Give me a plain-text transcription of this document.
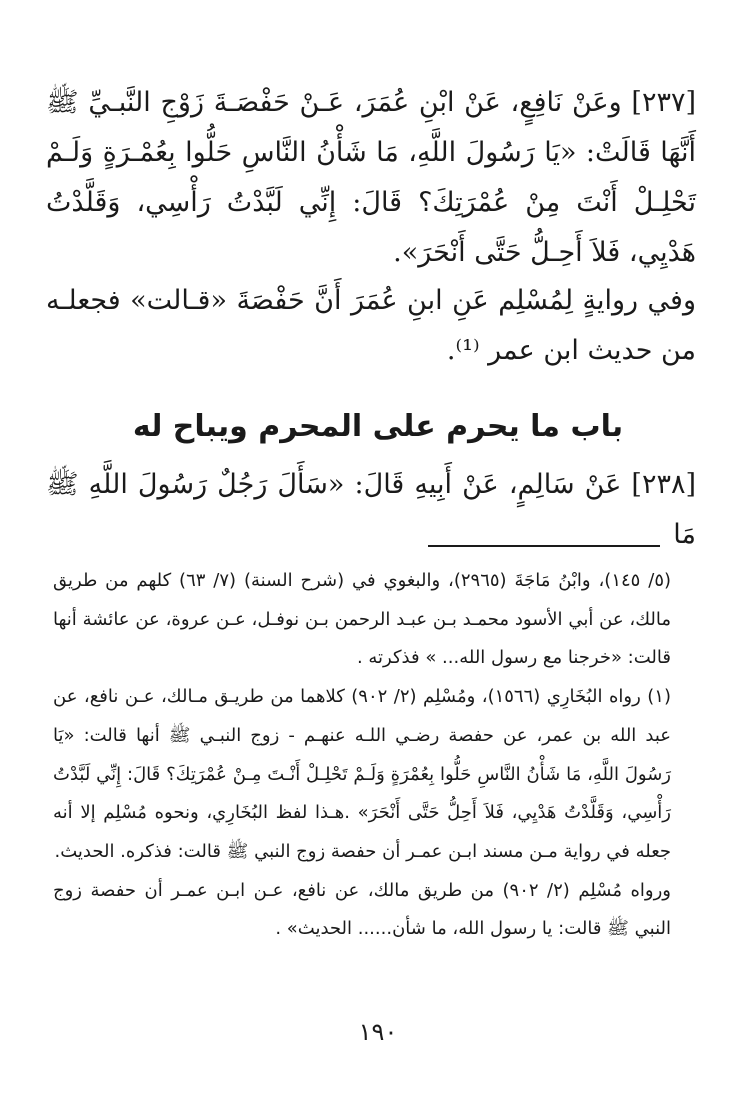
[٢٣٧] وعَنْ نَافِعٍ، عَنْ ابْنِ عُمَرَ، عَـنْ حَفْصَـةَ زَوْجِ النَّبـيِّ ﷺ أَنَّهَا قَالَتْ: «يَا رَسُولَ اللَّهِ، مَا شَأْنُ النَّاسِ حَلُّوا بِعُمْـرَةٍ وَلَـمْ تَحْلِـلْ أَنْتَ مِنْ عُمْرَتِكَ؟ قَالَ: إِنِّي لَبَّدْتُ رَأْسِي، وَقَلَّدْتُ هَدْيِي، فَلاَ أَحِـلُّ حَتَّى أَنْحَرَ».

وفي روايةٍ لِمُسْلِم عَنِ ابنِ عُمَرَ أَنَّ حَفْصَةَ «قـالت» فجعلـه من حديث ابن عمر ⁽¹⁾.

باب ما يحرم على المحرم ويباح له

[٢٣٨] عَنْ سَالِمٍ، عَنْ أَبِيهِ قَالَ: «سَأَلَ رَجُلٌ رَسُولَ اللَّهِ ﷺ مَا

(٥/ ١٤٥)، وابْنُ مَاجَةَ (٢٩٦٥)، والبغوي في (شرح السنة) (٧/ ٦٣) كلهم من طريق مالك، عن أبي الأسود محمـد بـن عبـد الرحمن بـن نوفـل، عـن عروة، عن عائشة أنها قالت: «خرجنا مع رسول الله... » فذكرته .

(١) رواه البُخَارِي (١٥٦٦)، ومُسْلِم (٢/ ٩٠٢) كلاهما من طريـق مـالك، عـن نافع، عن عبد الله بن عمر، عن حفصة رضـي اللـه عنهـم - زوج النبـي ﷺ أنها قالت: «يَا رَسُولَ اللَّهِ، مَا شَأْنُ النَّاسِ حَلُّوا بِعُمْرَةٍ وَلَـمْ تَحْلِـلْ أَنْـتَ مِـنْ عُمْرَتِكَ؟ قَالَ: إِنِّي لَبَّدْتُ رَأْسِي، وَقَلَّدْتُ هَدْيِي، فَلاَ أَحِلُّ حَتَّى أَنْحَرَ» .هـذا لفظ البُخَارِي، ونحوه مُسْلِم إلا أنه جعله في رواية مـن مسند ابـن عمـر أن حفصة زوج النبي ﷺ قالت: فذكره. الحديث.

ورواه مُسْلِم (٢/ ٩٠٢) من طريق مالك، عن نافع، عـن ابـن عمـر أن حفصة زوج النبي ﷺ قالت: يا رسول الله، ما شأن...... الحديث» .

١٩٠
